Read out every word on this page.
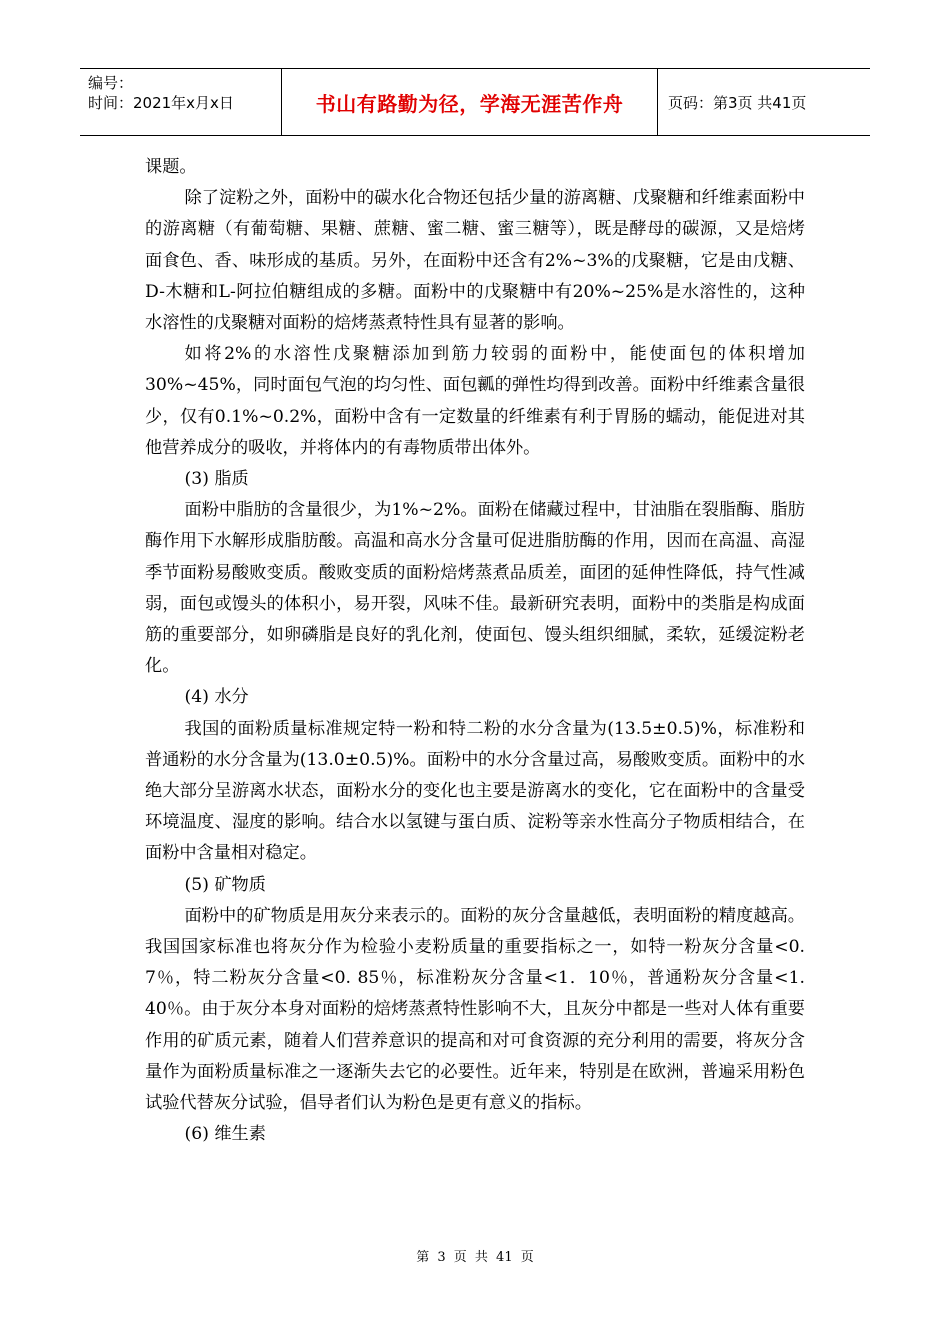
编号：
时间：2021年x月x日	书山有路勤为径，学海无涯苦作舟	页码：第3页 共41页

课题。

除了淀粉之外，面粉中的碳水化合物还包括少量的游离糖、戊聚糖和纤维素面粉中的游离糖（有葡萄糖、果糖、蔗糖、蜜二糖、蜜三糖等），既是酵母的碳源，又是焙烤面食色、香、味形成的基质。另外，在面粉中还含有2%~3%的戊聚糖，它是由戊糖、D-木糖和L-阿拉伯糖组成的多糖。面粉中的戊聚糖中有20%~25%是水溶性的，这种水溶性的戊聚糖对面粉的焙烤蒸煮特性具有显著的影响。

如将2%的水溶性戊聚糖添加到筋力较弱的面粉中，能使面包的体积增加30%~45%，同时面包气泡的均匀性、面包瓤的弹性均得到改善。面粉中纤维素含量很少，仅有0.1%~0.2%，面粉中含有一定数量的纤维素有利于胃肠的蠕动，能促进对其他营养成分的吸收，并将体内的有毒物质带出体外。

(3) 脂质

面粉中脂肪的含量很少，为1%~2%。面粉在储藏过程中，甘油脂在裂脂酶、脂肪酶作用下水解形成脂肪酸。高温和高水分含量可促进脂肪酶的作用，因而在高温、高湿季节面粉易酸败变质。酸败变质的面粉焙烤蒸煮品质差，面团的延伸性降低，持气性减弱，面包或馒头的体积小，易开裂，风味不佳。最新研究表明，面粉中的类脂是构成面筋的重要部分，如卵磷脂是良好的乳化剂，使面包、馒头组织细腻，柔软，延缓淀粉老化。

(4) 水分

我国的面粉质量标准规定特一粉和特二粉的水分含量为(13.5±0.5)%，标准粉和普通粉的水分含量为(13.0±0.5)%。面粉中的水分含量过高，易酸败变质。面粉中的水绝大部分呈游离水状态，面粉水分的变化也主要是游离水的变化，它在面粉中的含量受环境温度、湿度的影响。结合水以氢键与蛋白质、淀粉等亲水性高分子物质相结合，在面粉中含量相对稳定。

(5) 矿物质

面粉中的矿物质是用灰分来表示的。面粉的灰分含量越低，表明面粉的精度越高。我国国家标准也将灰分作为检验小麦粉质量的重要指标之一，如特一粉灰分含量<0. 7％，特二粉灰分含量<0. 85％，标准粉灰分含量<1．10％，普通粉灰分含量<1. 40％。由于灰分本身对面粉的焙烤蒸煮特性影响不大，且灰分中都是一些对人体有重要作用的矿质元素，随着人们营养意识的提高和对可食资源的充分利用的需要，将灰分含量作为面粉质量标准之一逐渐失去它的必要性。近年来，特别是在欧洲，普遍采用粉色试验代替灰分试验，倡导者们认为粉色是更有意义的指标。

(6) 维生素

第 3 页 共 41 页
